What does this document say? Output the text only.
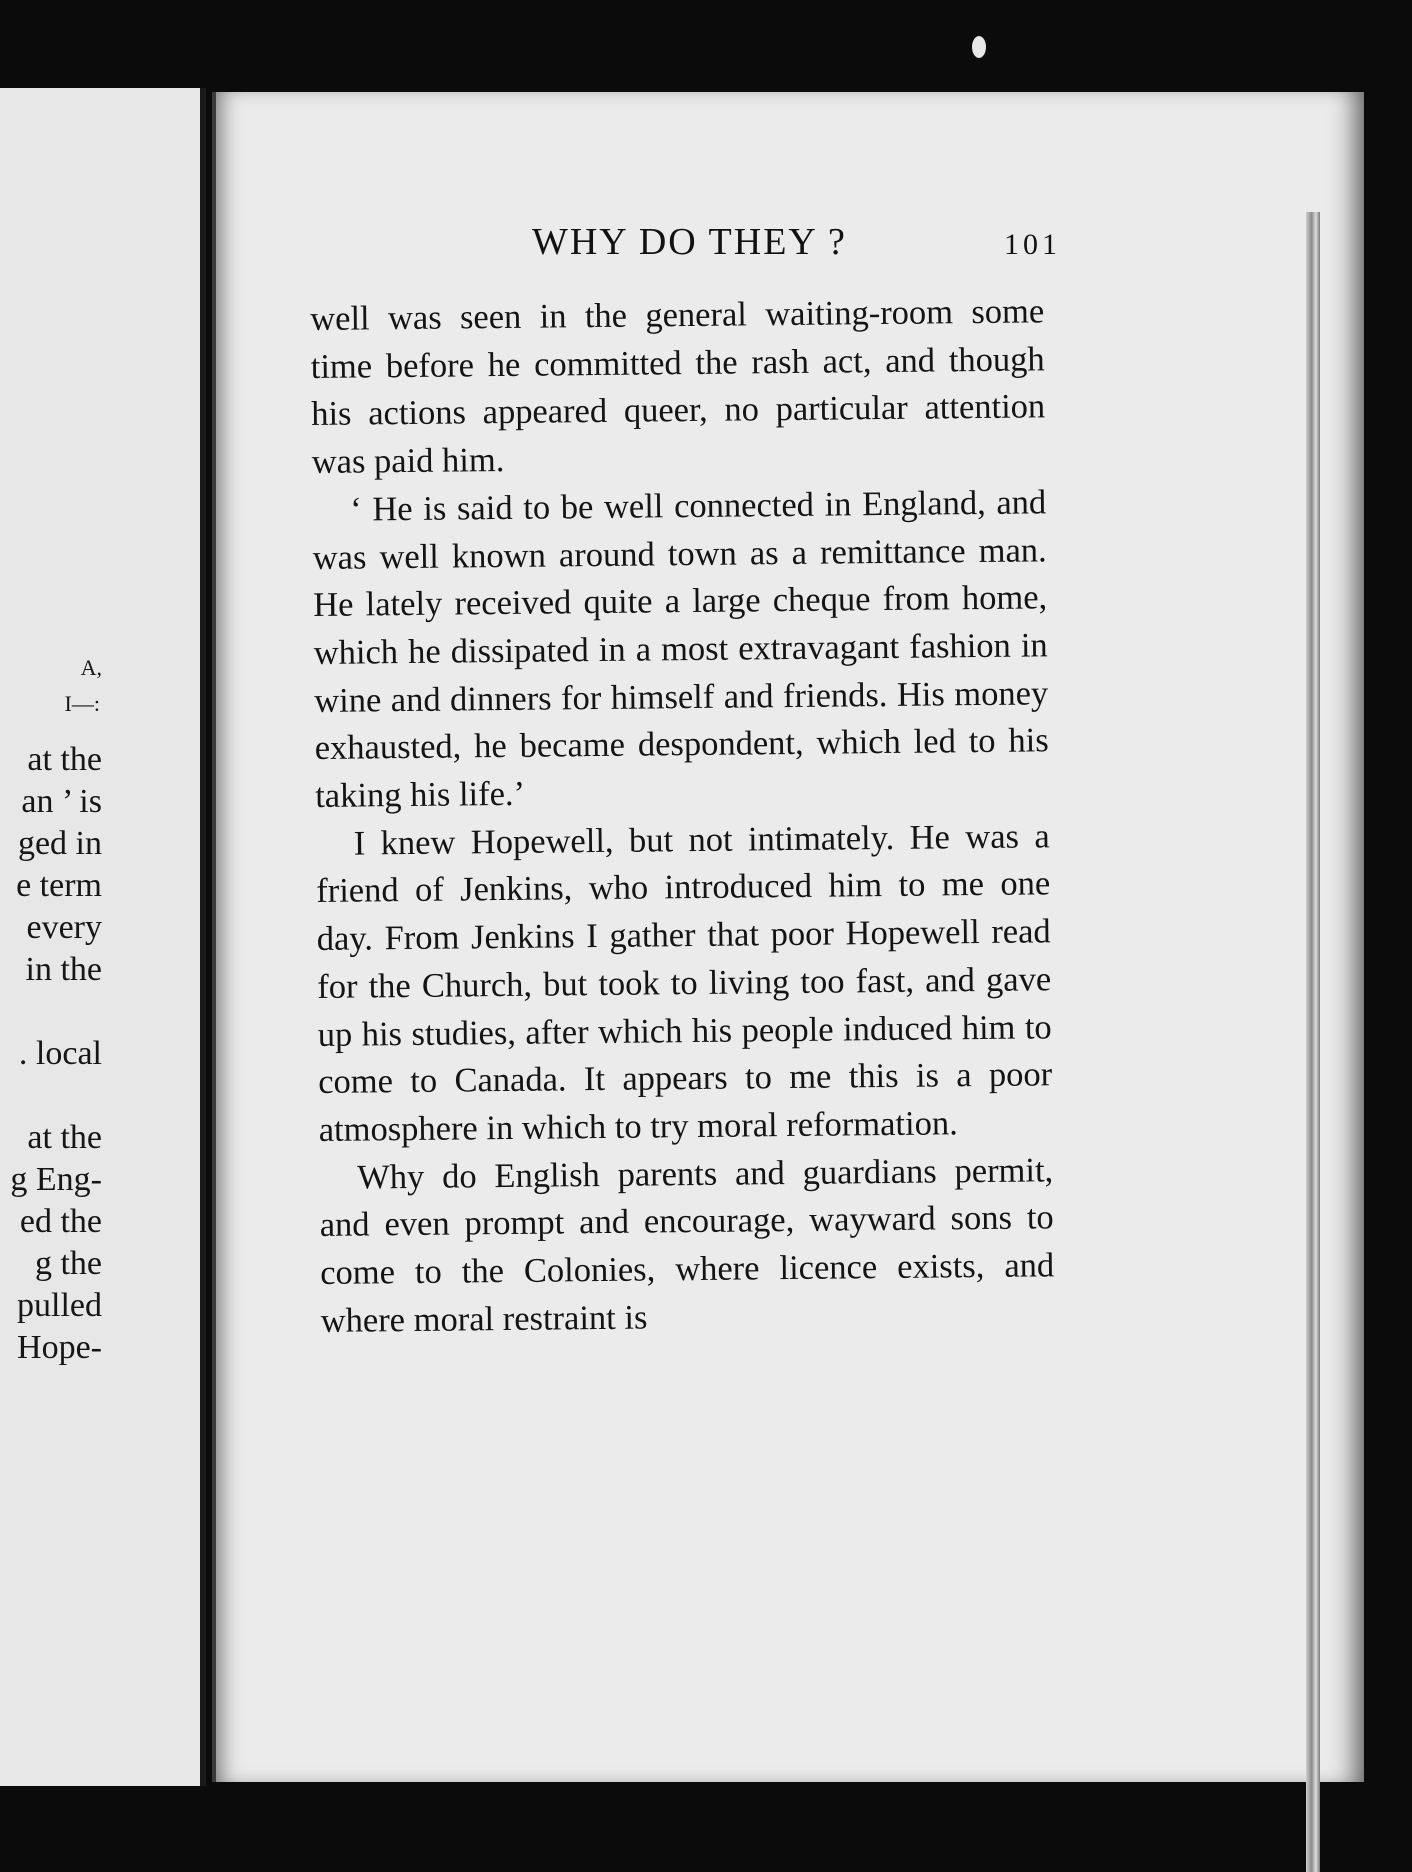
A,
I—:
at the
an ’ is
ged in
e term
every
in the
. local
at the
g Eng-
ed the
g the
pulled
Hope-
WHY DO THEY ?	101

well was seen in the general waiting-room some time before he committed the rash act, and though his actions appeared queer, no particular attention was paid him.

‘ He is said to be well connected in England, and was well known around town as a remittance man. He lately received quite a large cheque from home, which he dissipated in a most extravagant fashion in wine and dinners for himself and friends. His money exhausted, he became despondent, which led to his taking his life.’

I knew Hopewell, but not intimately. He was a friend of Jenkins, who introduced him to me one day. From Jenkins I gather that poor Hopewell read for the Church, but took to living too fast, and gave up his studies, after which his people induced him to come to Canada. It appears to me this is a poor atmosphere in which to try moral reformation.

Why do English parents and guardians permit, and even prompt and encourage, wayward sons to come to the Colonies, where licence exists, and where moral restraint is
